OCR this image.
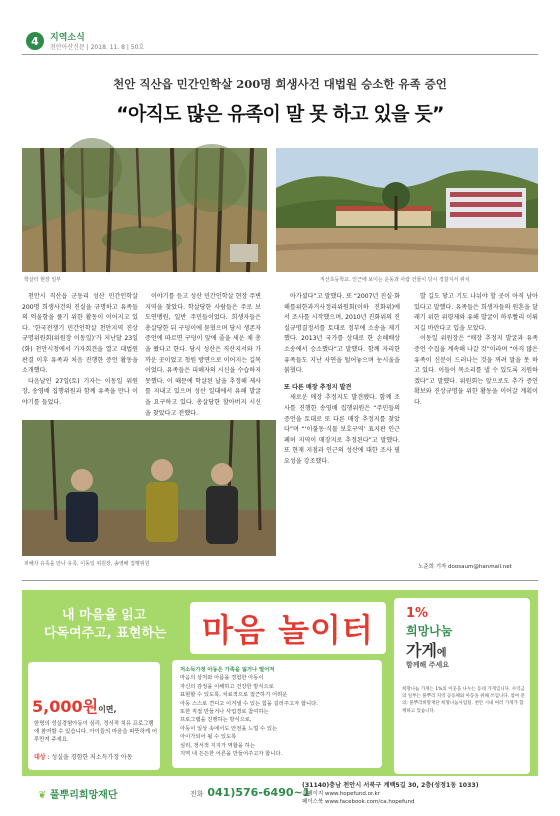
4	지역소식
천안아산신문 | 2018. 11. 8 | 50호
천안 직산읍 민간인학살 200명 희생사건 대법원 승소한 유족 증언
“아직도 많은 유족이 말 못 하고 있을 듯”
학살터 현장 일부	직산초등학교. 인근에 보이는 운동과 사람 건물이 당시 경찰지서 위치

천안시 직산읍 군동리 성산 민간인학살 200명 희생사건의 진실을 규명하고 유족들의 억울함을 풀기 위한 활동이 이어지고 있다. ‘한국전쟁기 민간인학살 천안지역 진상규명위원회(위원장 이동일)’가 지난달 23일(화) 천안시청에서 기자회견을 열고 대법원 판결 이후 유족과 처음 진행한 증언 활동을 소개했다.

다음날인 27일(토) 기자는 이동일 위원장, 송영배 집행위원과 함께 유족을 만나 이야기를 들었다.

이야기를 듣고 성산 민간인학살 현장 주변 지역을 찾았다. 학살당한 사람들은 주로 보도연맹원, 일반 주민들이었다. 희생자들은 총살당한 뒤 구덩이에 묻혔으며 당시 생존자 증언에 따르면 구덩이 앞에 줄을 세운 채 총을 쐈다고 한다. 당시 성산은 직산지서와 가까운 곳이었고 청원 방면으로 이어지는 길목이었다. 유족들은 피해자의 시신을 수습하지 못했다. 이 때문에 학살된 날을 추정해 제사를 지내고 있으며 성산 일대에서 유해 발굴을 요구하고 있다. 총살당한 할아버지 시신을 찾았다고 전했다.

아가셨다”고 말했다. 또 “2007년 진실·화해를위한과거사정리위원회(이하 진화위)에서 조사를 시작했으며, 2010년 진화위의 진실규명결정서를 토대로 정부에 소송을 제기했다. 2013년 국가를 상대로 한 손해배상 소송에서 승소했다”고 말했다. 함께 자리한 유족들도 지난 사연을 털어놓으며 눈시울을 붉혔다.

또 다른 매장 추정지 발견

새로운 매장 추정지도 발견됐다. 함께 조사를 진행한 송영배 집행위원은 “주민들의 증언을 토대로 또 다른 매장 추정지를 찾았다”며 “‘이불동·식물 보호구역’ 표지판 인근 폐허 지역이 매장지로 추정된다”고 말했다. 또 현재 지점과 인근의 성산에 대한 조사 필요성을 강조했다.

발 길도 닿고 기도 나눠야 할 곳이 아직 남아 있다고 말했다. 유족들은 희생자들의 원혼을 달래기 위한 위령제와 유해 발굴이 하루빨리 이뤄지길 바란다고 입을 모았다.

이동일 위원장은 “매장 추정지 발굴과 유족 증언 수집을 계속해 나갈 것”이라며 “아직 많은 유족이 신분이 드러나는 것을 꺼려 말을 못 하고 있다. 이들이 목소리를 낼 수 있도록 지원하겠다”고 말했다. 위원회는 앞으로도 추가 증언 확보와 진상규명을 위한 활동을 이어갈 계획이다.

노준희 기자 doosaum@hanmail.net
피해자 유족을 만나 유족, 이동일 위원장, 송영배 집행위원
내 마음을 읽고
다독여주고, 표현하는	마음 놀이터
5,000원이면,
한명의 성실경험아동이 심리, 정서적 치유 프로그램에 참여할 수 있습니다. 아이들의 마음을 따뜻하게 어루만져 주세요.
대상 : 성실을 경험한 저소득가정 아동
저소득가정 아동은 가족을 잃거나 떨어져
마음의 상처와 아픔을 경험한 아동이
자신의 감정을 이해하고 건강한 방식으로
표현할 수 있도록, 치료적으로 접근하기 어려운
아동 스스로 견디고 이겨낼 수 있는 힘을 길러주고자 합니다.
또한 직접 만들거나 사업경로 참여하는
프로그램을 진행하는 방식으로,
아동이 일상 속에서도 안전을 느낄 수 있는
아이가되어 될 수 있도록
심리, 정서적 지지가 역할을 하는
지역 내 든든한 어른을 만들어주고자 합니다.
1%
희망나눔
가게에
함께해 주세요
희망나눔 가게는 1%의 이웃을 나누는 동네 가게입니다. 수익금의 일부는 풀뿌리 지역 공동체와 아동을 위해 쓰입니다. 참여 문의: 풀뿌리희망재단 희망나눔사업팀. 천안 시내 여러 가게가 함께하고 있습니다.
❦ 풀뿌리희망재단	전화 041)576-6490~1
(31140)충남 천안시 서북구 계백5길 30, 2층(성정1동 1033)
홈페이지 www.hopefund.or.kr
페이스북 www.facebook.com/ca.hopefund
